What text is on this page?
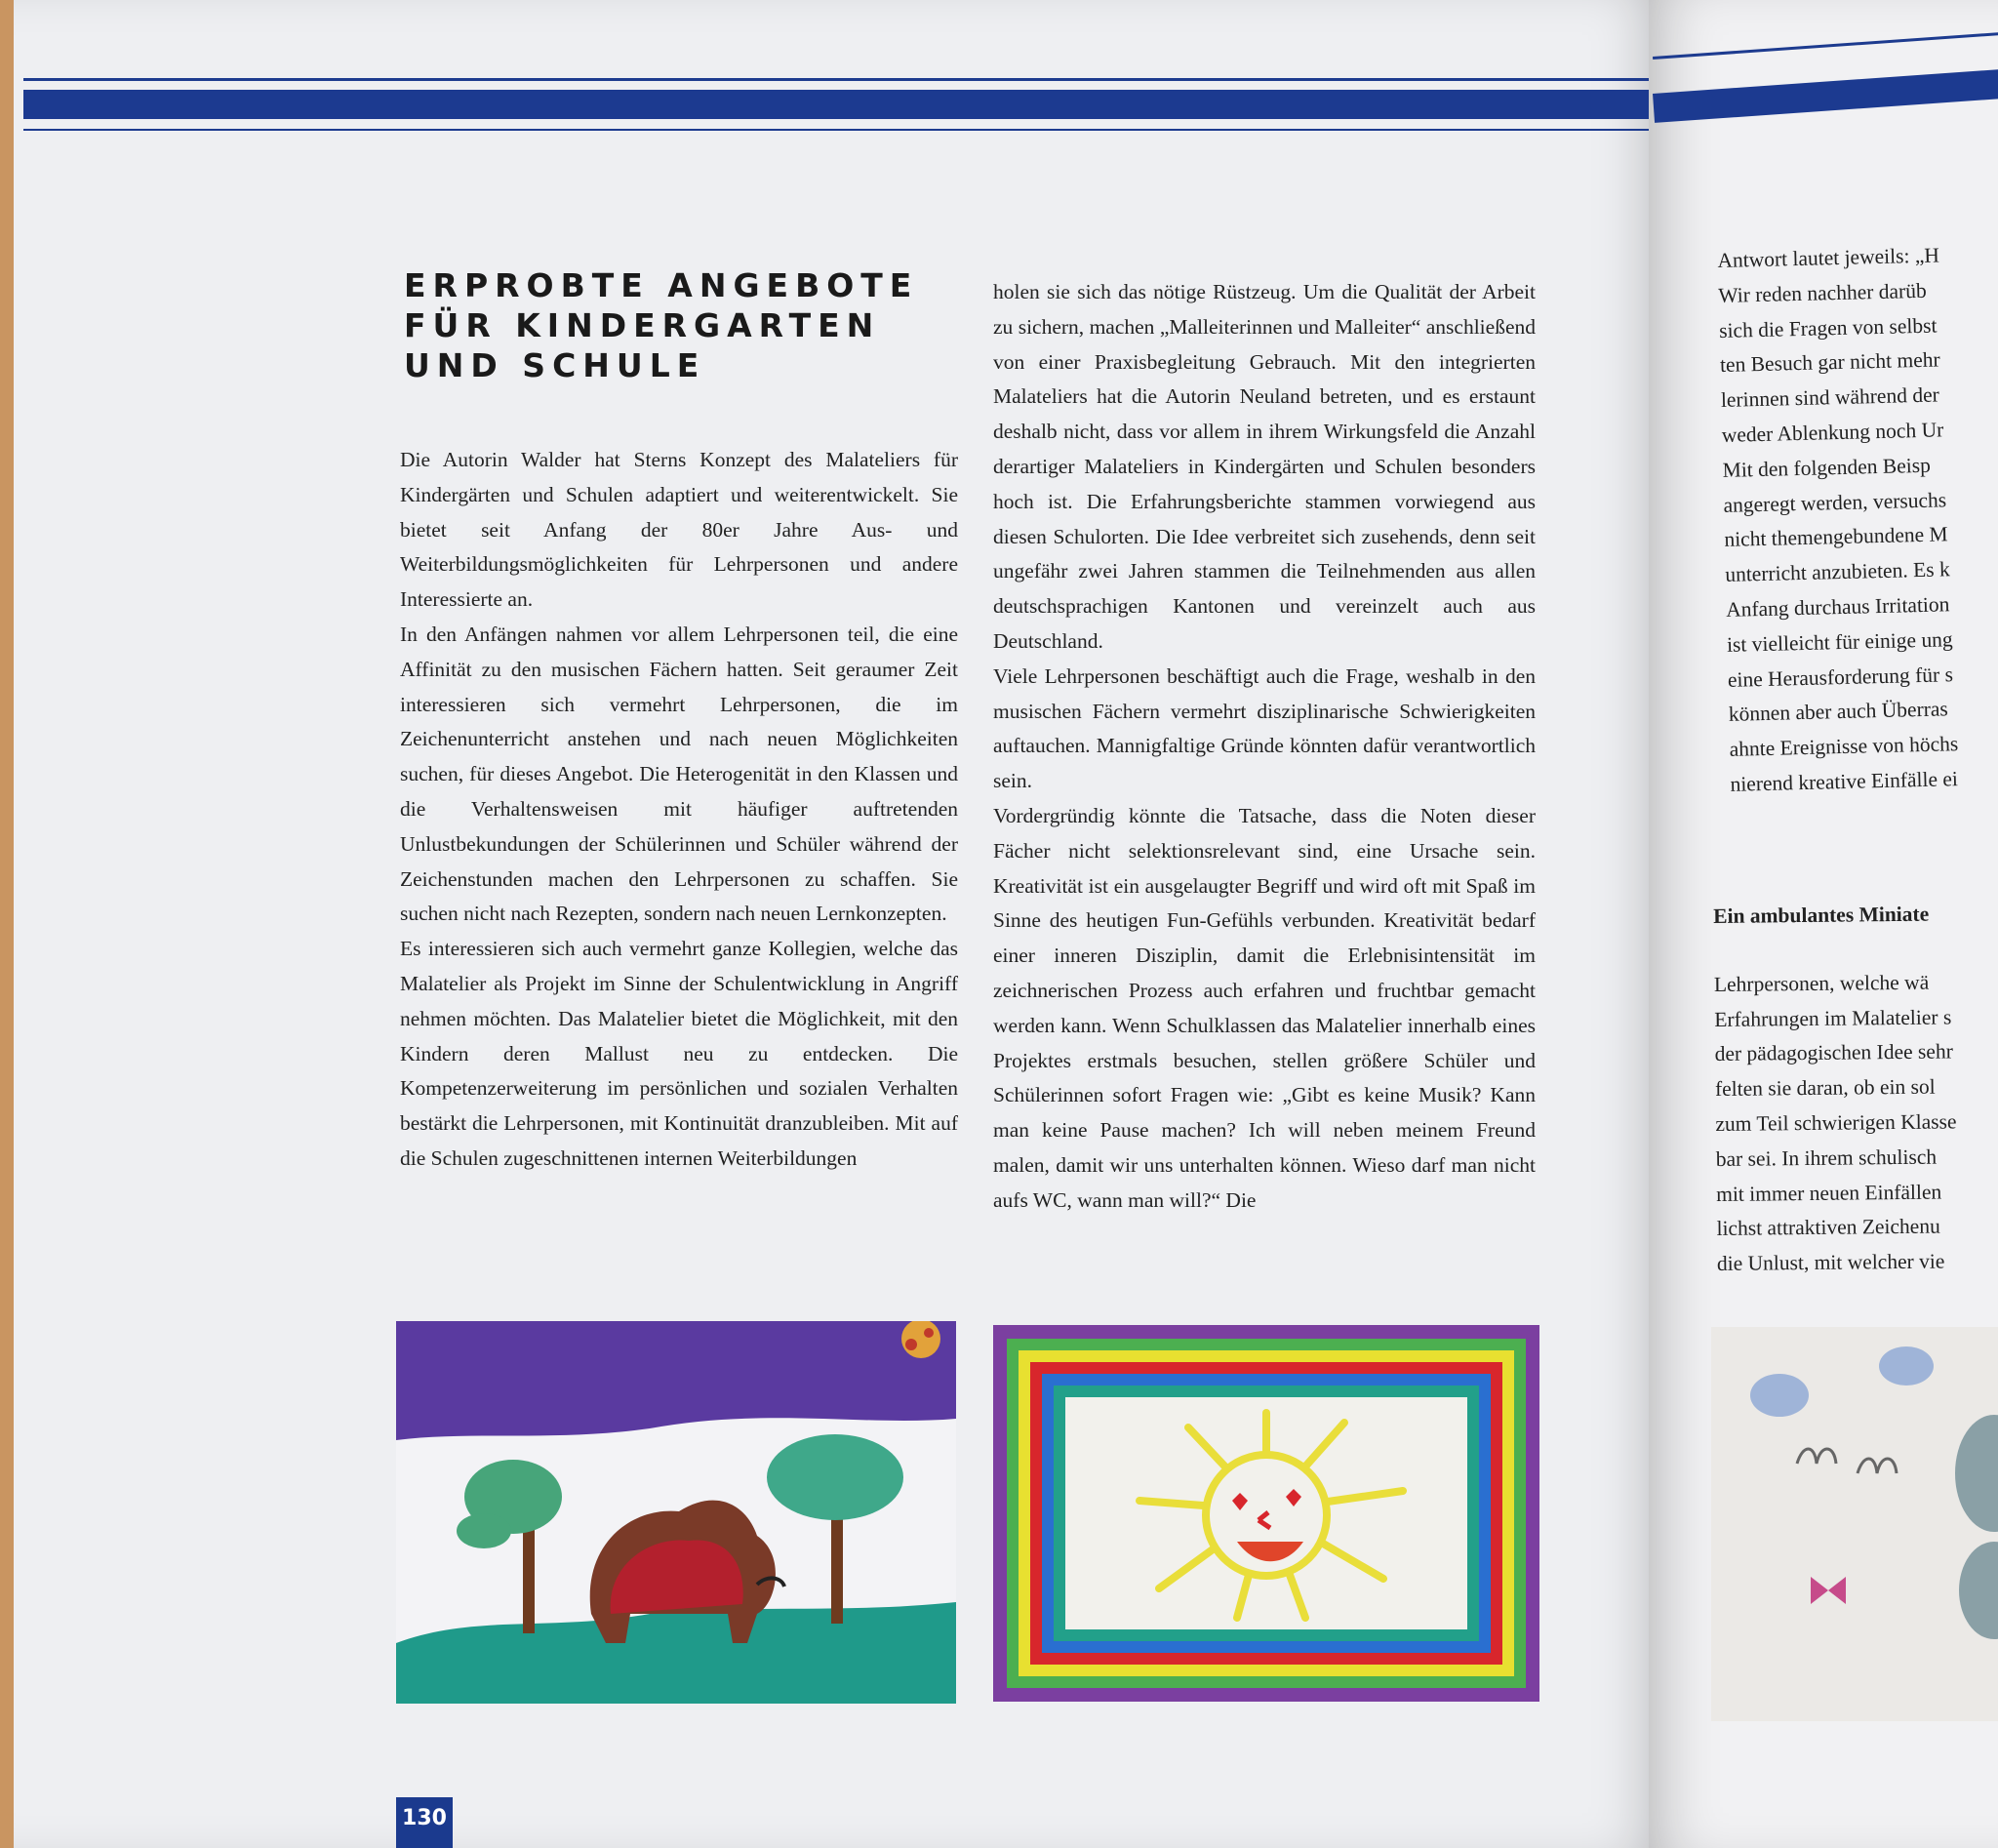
ERPROBTE ANGEBOTE
FÜR KINDERGARTEN
UND SCHULE

Die Autorin Walder hat Sterns Konzept des Malateliers für Kindergärten und Schulen adaptiert und weiterentwickelt. Sie bietet seit Anfang der 80er Jahre Aus- und Weiterbildungsmöglichkeiten für Lehrpersonen und andere Interessierte an.

In den Anfängen nahmen vor allem Lehrpersonen teil, die eine Affinität zu den musischen Fächern hatten. Seit geraumer Zeit interessieren sich vermehrt Lehrpersonen, die im Zeichenunterricht anstehen und nach neuen Möglichkeiten suchen, für dieses Angebot. Die Heterogenität in den Klassen und die Verhaltensweisen mit häufiger auftretenden Unlustbekundungen der Schülerinnen und Schüler während der Zeichenstunden machen den Lehrpersonen zu schaffen. Sie suchen nicht nach Rezepten, sondern nach neuen Lernkonzepten.

Es interessieren sich auch vermehrt ganze Kollegien, welche das Malatelier als Projekt im Sinne der Schulentwicklung in Angriff nehmen möchten. Das Malatelier bietet die Möglichkeit, mit den Kindern deren Mallust neu zu entdecken. Die Kompetenzerweiterung im persönlichen und sozialen Verhalten bestärkt die Lehrpersonen, mit Kontinuität dranzubleiben. Mit auf die Schulen zugeschnittenen internen Weiterbildungen

holen sie sich das nötige Rüstzeug. Um die Qualität der Arbeit zu sichern, machen „Malleiterinnen und Malleiter“ anschließend von einer Praxisbegleitung Gebrauch. Mit den integrierten Malateliers hat die Autorin Neuland betreten, und es erstaunt deshalb nicht, dass vor allem in ihrem Wirkungsfeld die Anzahl derartiger Malateliers in Kindergärten und Schulen besonders hoch ist. Die Erfahrungsberichte stammen vorwiegend aus diesen Schulorten. Die Idee verbreitet sich zusehends, denn seit ungefähr zwei Jahren stammen die Teilnehmenden aus allen deutschsprachigen Kantonen und vereinzelt auch aus Deutschland.

Viele Lehrpersonen beschäftigt auch die Frage, weshalb in den musischen Fächern vermehrt disziplinarische Schwierigkeiten auftauchen. Mannigfaltige Gründe könnten dafür verantwortlich sein.

Vordergründig könnte die Tatsache, dass die Noten dieser Fächer nicht selektionsrelevant sind, eine Ursache sein. Kreativität ist ein ausgelaugter Begriff und wird oft mit Spaß im Sinne des heutigen Fun-Gefühls verbunden. Kreativität bedarf einer inneren Disziplin, damit die Erlebnisintensität im zeichnerischen Prozess auch erfahren und fruchtbar gemacht werden kann. Wenn Schulklassen das Malatelier innerhalb eines Projektes erstmals besuchen, stellen größere Schüler und Schülerinnen sofort Fragen wie: „Gibt es keine Musik? Kann man keine Pause machen? Ich will neben meinem Freund malen, damit wir uns unterhalten können. Wieso darf man nicht aufs WC, wann man will?“ Die

Antwort lautet jeweils: „H
Wir reden nachher darüb
sich die Fragen von selbst
ten Besuch gar nicht mehr
lerinnen sind während der
weder Ablenkung noch Ur
Mit den folgenden Beisp
angeregt werden, versuchs
nicht themengebundene M
unterricht anzubieten. Es k
Anfang durchaus Irritation
ist vielleicht für einige ung
eine Herausforderung für s
können aber auch Überras
ahnte Ereignisse von höchs
nierend kreative Einfälle ei
Ein ambulantes Miniate
Lehrpersonen, welche wä
Erfahrungen im Malatelier s
der pädagogischen Idee sehr
felten sie daran, ob ein sol
zum Teil schwierigen Klasse
bar sei. In ihrem schulisch
mit immer neuen Einfällen
lichst attraktiven Zeichenu
die Unlust, mit welcher vie
130
